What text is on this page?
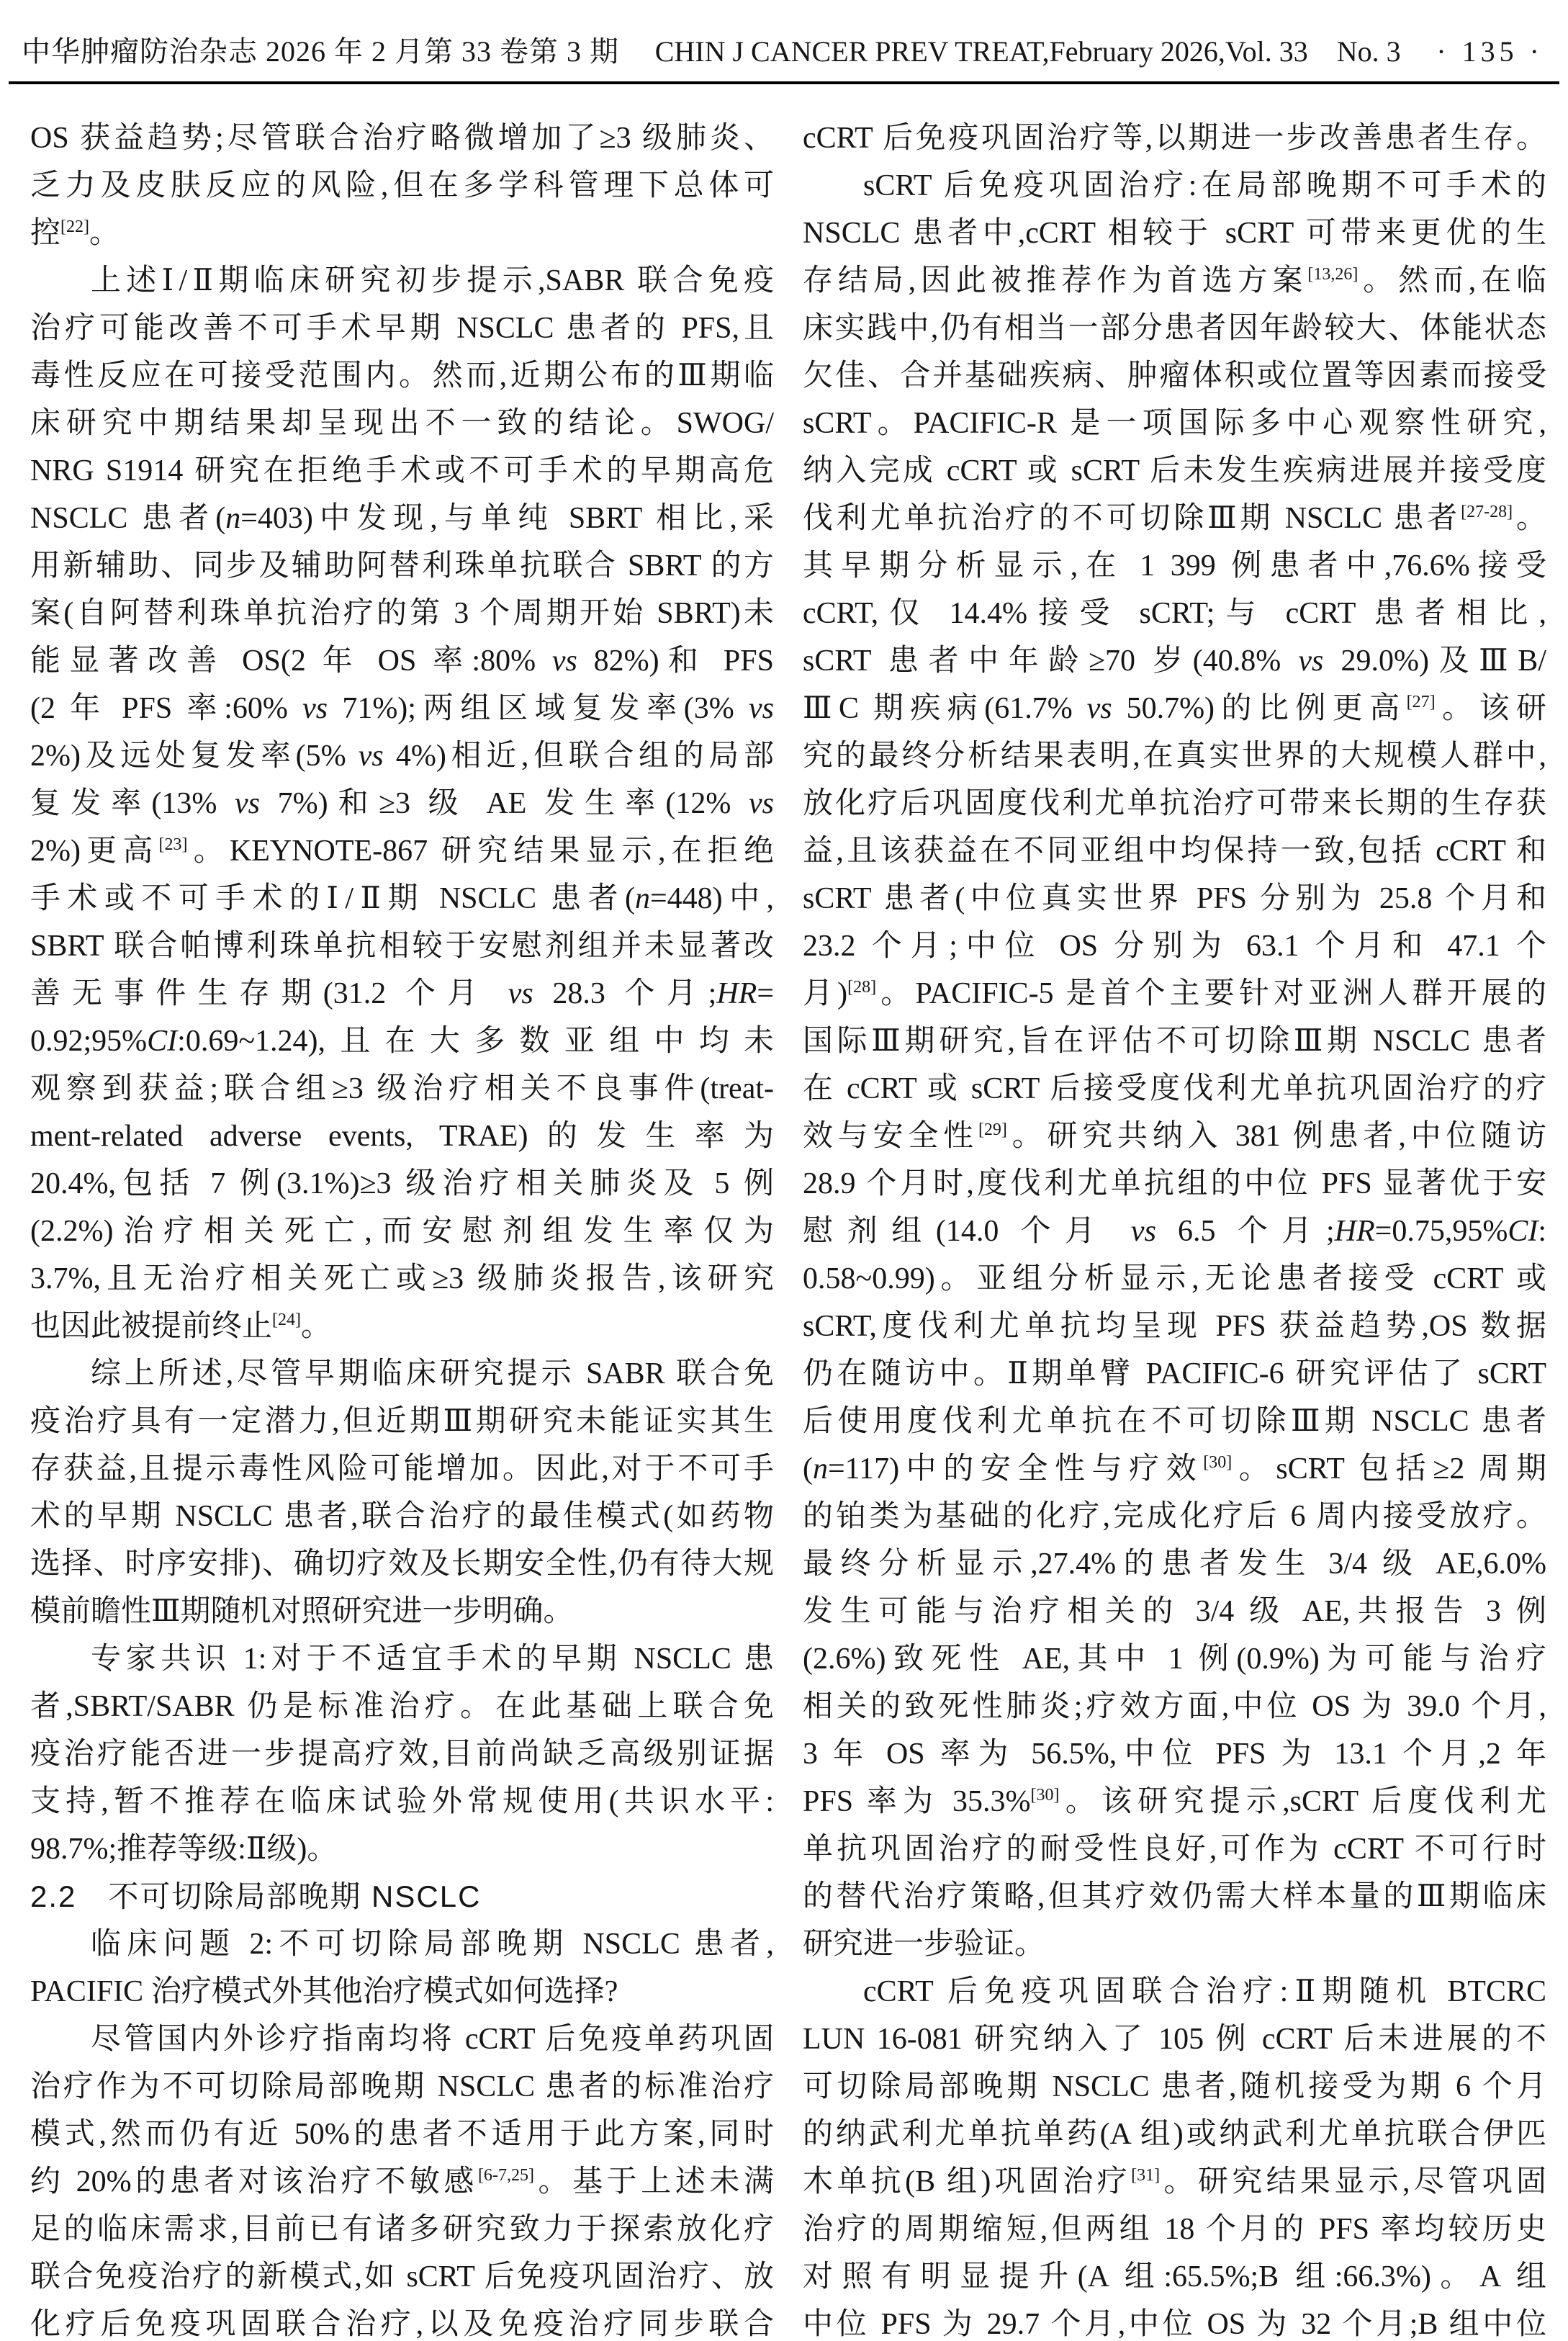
中华肿瘤防治杂志 2026 年 2 月第 33 卷第 3 期 CHIN J CANCER PREV TREAT,February 2026,Vol. 33　No. 3 · 135 ·
OS 获益趋势;尽管联合治疗略微增加了≥3 级肺炎、
乏力及皮肤反应的风险,但在多学科管理下总体可
控[22]。
上述Ⅰ/Ⅱ期临床研究初步提示,SABR 联合免疫
治疗可能改善不可手术早期 NSCLC 患者的 PFS,且
毒性反应在可接受范围内。然而,近期公布的Ⅲ期临
床研究中期结果却呈现出不一致的结论。SWOG/
NRG S1914 研究在拒绝手术或不可手术的早期高危
NSCLC 患者(n=403)中发现,与单纯 SBRT 相比,采
用新辅助、同步及辅助阿替利珠单抗联合 SBRT 的方
案(自阿替利珠单抗治疗的第 3 个周期开始 SBRT)未
能显著改善 OS(2 年 OS 率:80% vs 82%)和 PFS
(2 年 PFS 率:60% vs 71%);两组区域复发率(3% vs
2%)及远处复发率(5% vs 4%)相近,但联合组的局部
复发率(13% vs 7%)和≥3 级 AE 发生率(12% vs
2%)更高[23]。KEYNOTE-867 研究结果显示,在拒绝
手术或不可手术的Ⅰ/Ⅱ期 NSCLC 患者(n=448)中,
SBRT 联合帕博利珠单抗相较于安慰剂组并未显著改
善无事件生存期(31.2 个月 vs 28.3 个月;HR=
0.92;95%CI:0.69~1.24),且在大多数亚组中均未
观察到获益;联合组≥3 级治疗相关不良事件(treat-
ment-related adverse events, TRAE)的发生率为
20.4%,包括 7 例(3.1%)≥3 级治疗相关肺炎及 5 例
(2.2%)治疗相关死亡,而安慰剂组发生率仅为
3.7%,且无治疗相关死亡或≥3 级肺炎报告,该研究
也因此被提前终止[24]。
综上所述,尽管早期临床研究提示 SABR 联合免
疫治疗具有一定潜力,但近期Ⅲ期研究未能证实其生
存获益,且提示毒性风险可能增加。因此,对于不可手
术的早期 NSCLC 患者,联合治疗的最佳模式(如药物
选择、时序安排)、确切疗效及长期安全性,仍有待大规
模前瞻性Ⅲ期随机对照研究进一步明确。
专家共识 1:对于不适宜手术的早期 NSCLC 患
者,SBRT/SABR 仍是标准治疗。在此基础上联合免
疫治疗能否进一步提高疗效,目前尚缺乏高级别证据
支持,暂不推荐在临床试验外常规使用(共识水平:
98.7%;推荐等级:Ⅱ级)。
2.2　不可切除局部晚期 NSCLC
临床问题 2:不可切除局部晚期 NSCLC 患者,
PACIFIC 治疗模式外其他治疗模式如何选择?
尽管国内外诊疗指南均将 cCRT 后免疫单药巩固
治疗作为不可切除局部晚期 NSCLC 患者的标准治疗
模式,然而仍有近 50%的患者不适用于此方案,同时
约 20%的患者对该治疗不敏感[6-7,25]。基于上述未满
足的临床需求,目前已有诸多研究致力于探索放化疗
联合免疫治疗的新模式,如 sCRT 后免疫巩固治疗、放
化疗后免疫巩固联合治疗,以及免疫治疗同步联合
cCRT 后免疫巩固治疗等,以期进一步改善患者生存。
sCRT 后免疫巩固治疗:在局部晚期不可手术的
NSCLC 患者中,cCRT 相较于 sCRT 可带来更优的生
存结局,因此被推荐作为首选方案[13,26]。然而,在临
床实践中,仍有相当一部分患者因年龄较大、体能状态
欠佳、合并基础疾病、肿瘤体积或位置等因素而接受
sCRT。PACIFIC-R 是一项国际多中心观察性研究,
纳入完成 cCRT 或 sCRT 后未发生疾病进展并接受度
伐利尤单抗治疗的不可切除Ⅲ期 NSCLC 患者[27-28]。
其早期分析显示,在 1 399 例患者中,76.6%接受
cCRT,仅 14.4%接受 sCRT;与 cCRT 患者相比,
sCRT 患者中年龄≥70 岁(40.8% vs 29.0%)及ⅢB/
ⅢC 期疾病(61.7% vs 50.7%)的比例更高[27]。该研
究的最终分析结果表明,在真实世界的大规模人群中,
放化疗后巩固度伐利尤单抗治疗可带来长期的生存获
益,且该获益在不同亚组中均保持一致,包括 cCRT 和
sCRT 患者(中位真实世界 PFS 分别为 25.8 个月和
23.2 个月;中位 OS 分别为 63.1 个月和 47.1 个
月)[28]。PACIFIC-5 是首个主要针对亚洲人群开展的
国际Ⅲ期研究,旨在评估不可切除Ⅲ期 NSCLC 患者
在 cCRT 或 sCRT 后接受度伐利尤单抗巩固治疗的疗
效与安全性[29]。研究共纳入 381 例患者,中位随访
28.9 个月时,度伐利尤单抗组的中位 PFS 显著优于安
慰剂组(14.0 个月 vs 6.5 个月;HR=0.75,95%CI:
0.58~0.99)。亚组分析显示,无论患者接受 cCRT 或
sCRT,度伐利尤单抗均呈现 PFS 获益趋势,OS 数据
仍在随访中。Ⅱ期单臂 PACIFIC-6 研究评估了 sCRT
后使用度伐利尤单抗在不可切除Ⅲ期 NSCLC 患者
(n=117)中的安全性与疗效[30]。sCRT 包括≥2 周期
的铂类为基础的化疗,完成化疗后 6 周内接受放疗。
最终分析显示,27.4%的患者发生 3/4 级 AE,6.0%
发生可能与治疗相关的 3/4 级 AE,共报告 3 例
(2.6%)致死性 AE,其中 1 例(0.9%)为可能与治疗
相关的致死性肺炎;疗效方面,中位 OS 为 39.0 个月,
3 年 OS 率为 56.5%,中位 PFS 为 13.1 个月,2 年
PFS 率为 35.3%[30]。该研究提示,sCRT 后度伐利尤
单抗巩固治疗的耐受性良好,可作为 cCRT 不可行时
的替代治疗策略,但其疗效仍需大样本量的Ⅲ期临床
研究进一步验证。
cCRT 后免疫巩固联合治疗:Ⅱ期随机 BTCRC
LUN 16-081 研究纳入了 105 例 cCRT 后未进展的不
可切除局部晚期 NSCLC 患者,随机接受为期 6 个月
的纳武利尤单抗单药(A 组)或纳武利尤单抗联合伊匹
木单抗(B 组)巩固治疗[31]。研究结果显示,尽管巩固
治疗的周期缩短,但两组 18 个月的 PFS 率均较历史
对照有明显提升(A 组:65.5%;B 组:66.3%)。A 组
中位 PFS 为 29.7 个月,中位 OS 为 32 个月;B 组中位
